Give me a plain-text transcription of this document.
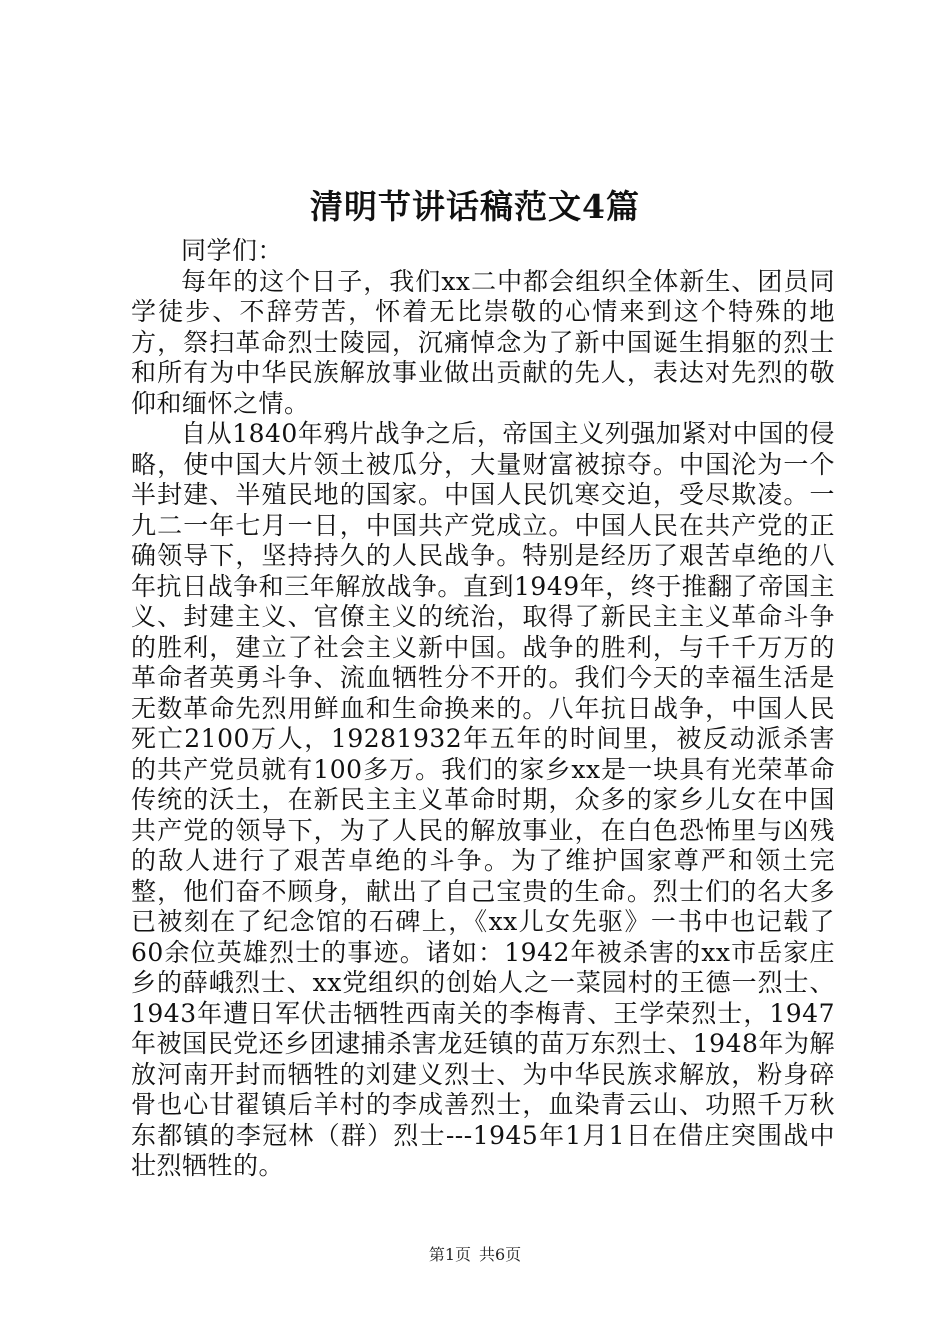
清明节讲话稿范文4篇

同学们：

每年的这个日子，我们xx二中都会组织全体新生、团员同学徒步、不辞劳苦，怀着无比崇敬的心情来到这个特殊的地方，祭扫革命烈士陵园，沉痛悼念为了新中国诞生捐躯的烈士和所有为中华民族解放事业做出贡献的先人，表达对先烈的敬仰和缅怀之情。

自从1840年鸦片战争之后，帝国主义列强加紧对中国的侵略，使中国大片领土被瓜分，大量财富被掠夺。中国沦为一个半封建、半殖民地的国家。中国人民饥寒交迫，受尽欺凌。一九二一年七月一日，中国共产党成立。中国人民在共产党的正确领导下，坚持持久的人民战争。特别是经历了艰苦卓绝的八年抗日战争和三年解放战争。直到1949年，终于推翻了帝国主义、封建主义、官僚主义的统治，取得了新民主主义革命斗争的胜利，建立了社会主义新中国。战争的胜利，与千千万万的革命者英勇斗争、流血牺牲分不开的。我们今天的幸福生活是无数革命先烈用鲜血和生命换来的。八年抗日战争，中国人民死亡2100万人，19281932年五年的时间里，被反动派杀害的共产党员就有100多万。我们的家乡xx是一块具有光荣革命传统的沃土，在新民主主义革命时期，众多的家乡儿女在中国共产党的领导下，为了人民的解放事业，在白色恐怖里与凶残的敌人进行了艰苦卓绝的斗争。为了维护国家尊严和领土完整，他们奋不顾身，献出了自己宝贵的生命。烈士们的名大多已被刻在了纪念馆的石碑上，《xx儿女先驱》一书中也记载了60余位英雄烈士的事迹。诸如：1942年被杀害的xx市岳家庄乡的薛峨烈士、xx党组织的创始人之一菜园村的王德一烈士、1943年遭日军伏击牺牲西南关的李梅青、王学荣烈士，1947年被国民党还乡团逮捕杀害龙廷镇的苗万东烈士、1948年为解放河南开封而牺牲的刘建义烈士、为中华民族求解放，粉身碎骨也心甘翟镇后羊村的李成善烈士，血染青云山、功照千万秋东都镇的李冠林（群）烈士---1945年1月1日在借庄突围战中壮烈牺牲的。

第1页 共6页
